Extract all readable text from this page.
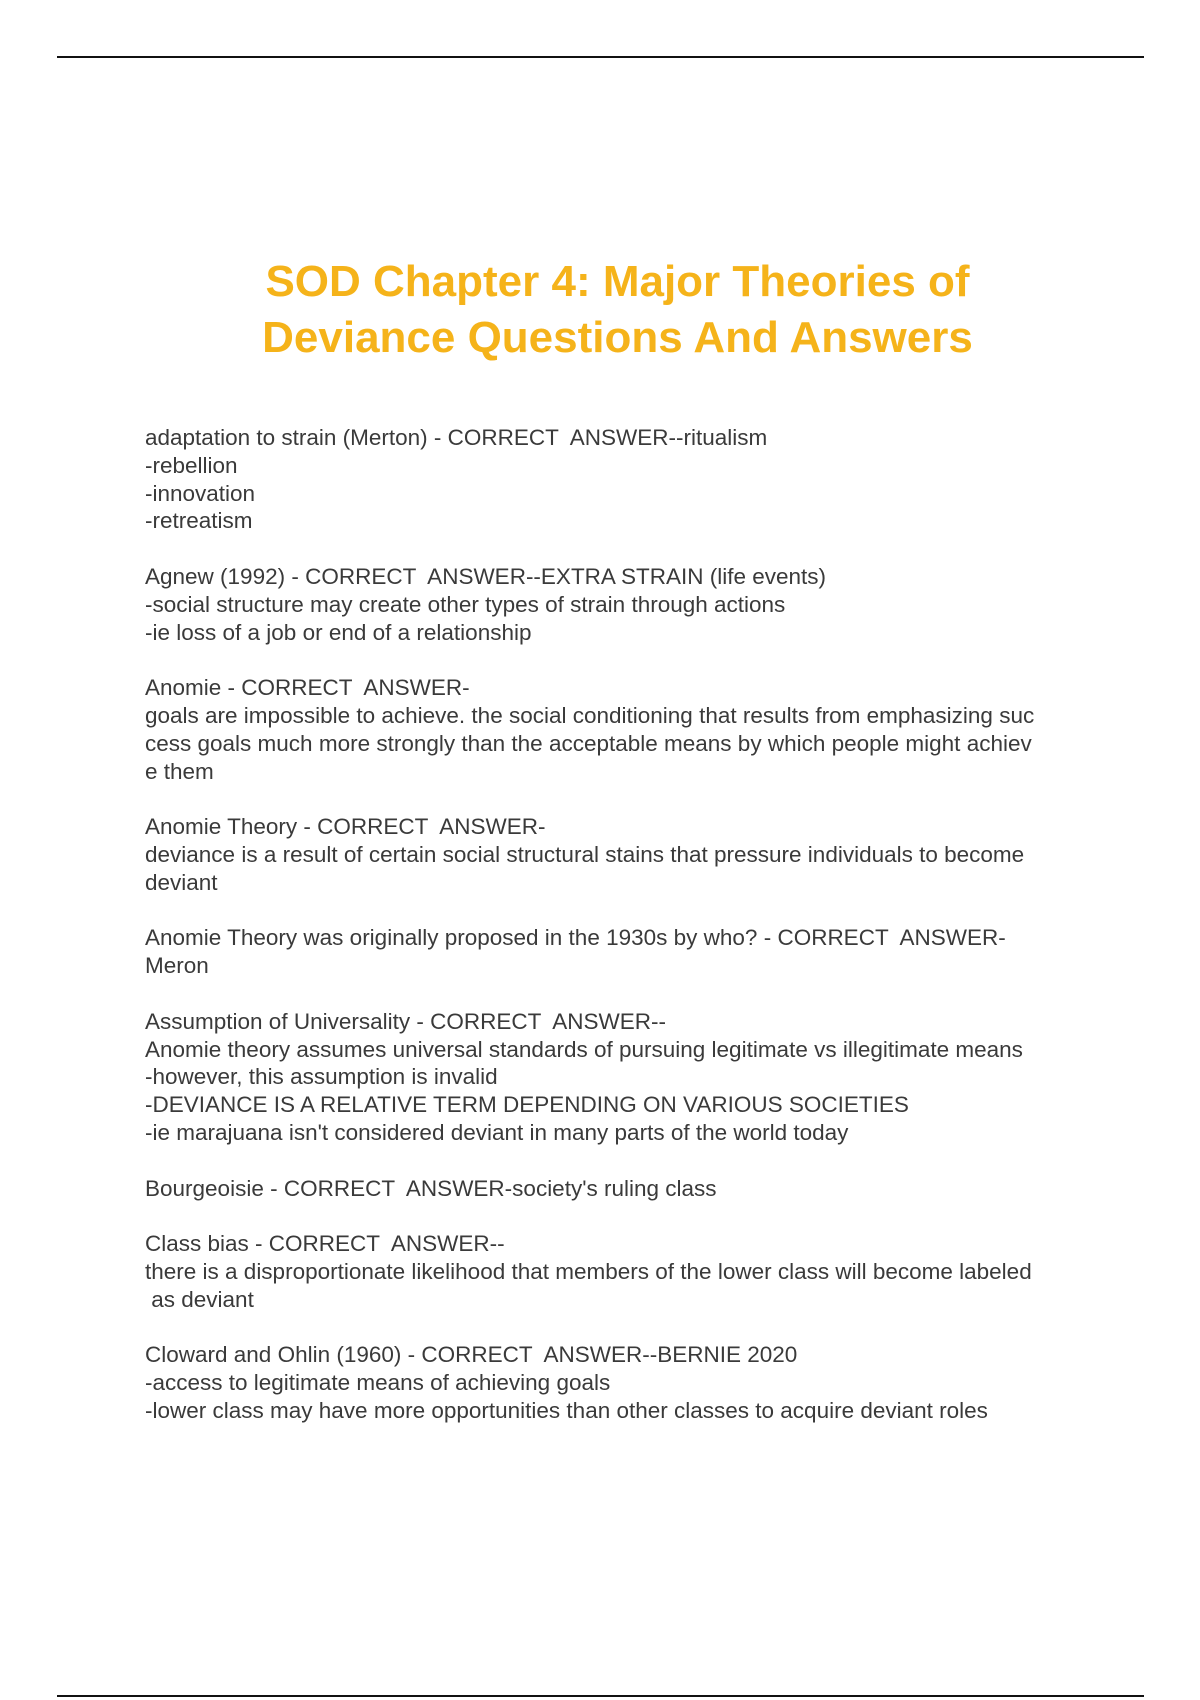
SOD Chapter 4: Major Theories of
Deviance Questions And Answers
adaptation to strain (Merton) - CORRECT  ANSWER--ritualism
-rebellion
-innovation
-retreatism
Agnew (1992) - CORRECT  ANSWER--EXTRA STRAIN (life events)
-social structure may create other types of strain through actions
-ie loss of a job or end of a relationship
Anomie - CORRECT  ANSWER-
goals are impossible to achieve. the social conditioning that results from emphasizing suc
cess goals much more strongly than the acceptable means by which people might achiev
e them
Anomie Theory - CORRECT  ANSWER-
deviance is a result of certain social structural stains that pressure individuals to become
deviant
Anomie Theory was originally proposed in the 1930s by who? - CORRECT  ANSWER-
Meron
Assumption of Universality - CORRECT  ANSWER--
Anomie theory assumes universal standards of pursuing legitimate vs illegitimate means
-however, this assumption is invalid
-DEVIANCE IS A RELATIVE TERM DEPENDING ON VARIOUS SOCIETIES
-ie marajuana isn't considered deviant in many parts of the world today
Bourgeoisie - CORRECT  ANSWER-society's ruling class
Class bias - CORRECT  ANSWER--
there is a disproportionate likelihood that members of the lower class will become labeled
as deviant
Cloward and Ohlin (1960) - CORRECT  ANSWER--BERNIE 2020
-access to legitimate means of achieving goals
-lower class may have more opportunities than other classes to acquire deviant roles
